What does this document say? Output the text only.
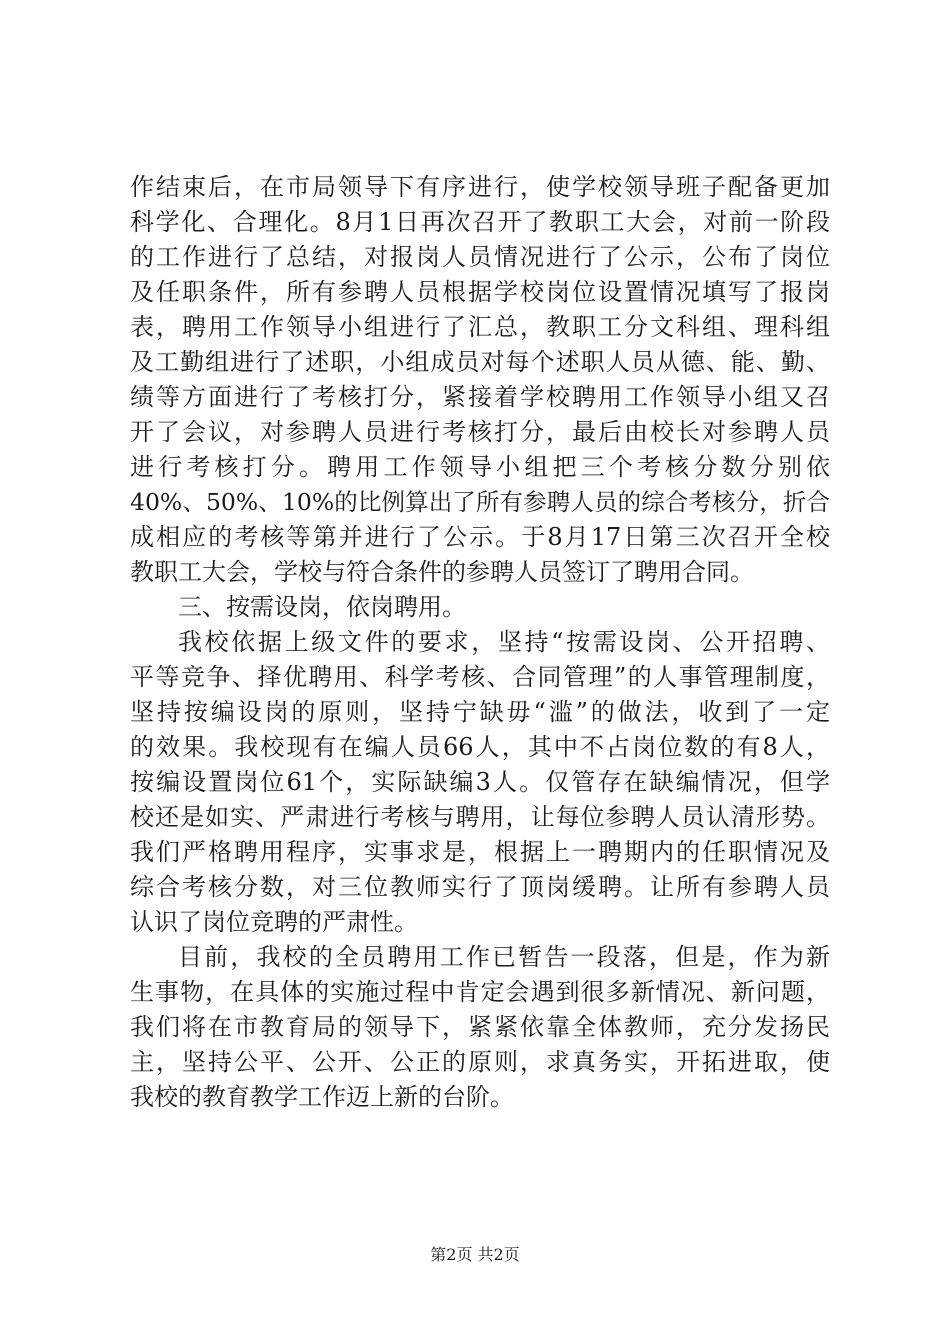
作结束后，在市局领导下有序进行，使学校领导班子配备更加
科学化、合理化。8月1日再次召开了教职工大会，对前一阶段
的工作进行了总结，对报岗人员情况进行了公示，公布了岗位
及任职条件，所有参聘人员根据学校岗位设置情况填写了报岗
表，聘用工作领导小组进行了汇总，教职工分文科组、理科组
及工勤组进行了述职，小组成员对每个述职人员从德、能、勤、
绩等方面进行了考核打分，紧接着学校聘用工作领导小组又召
开了会议，对参聘人员进行考核打分，最后由校长对参聘人员
进行考核打分。聘用工作领导小组把三个考核分数分别依
40%、50%、10%的比例算出了所有参聘人员的综合考核分，折合
成相应的考核等第并进行了公示。于8月17日第三次召开全校
教职工大会，学校与符合条件的参聘人员签订了聘用合同。
三、按需设岗，依岗聘用。
我校依据上级文件的要求，坚持“按需设岗、公开招聘、
平等竞争、择优聘用、科学考核、合同管理”的人事管理制度，
坚持按编设岗的原则，坚持宁缺毋“滥”的做法，收到了一定
的效果。我校现有在编人员66人，其中不占岗位数的有8人，
按编设置岗位61个，实际缺编3人。仅管存在缺编情况，但学
校还是如实、严肃进行考核与聘用，让每位参聘人员认清形势。
我们严格聘用程序，实事求是，根据上一聘期内的任职情况及
综合考核分数，对三位教师实行了顶岗缓聘。让所有参聘人员
认识了岗位竞聘的严肃性。
目前，我校的全员聘用工作已暂告一段落，但是，作为新
生事物，在具体的实施过程中肯定会遇到很多新情况、新问题，
我们将在市教育局的领导下，紧紧依靠全体教师，充分发扬民
主，坚持公平、公开、公正的原则，求真务实，开拓进取，使
我校的教育教学工作迈上新的台阶。
第2页 共2页
